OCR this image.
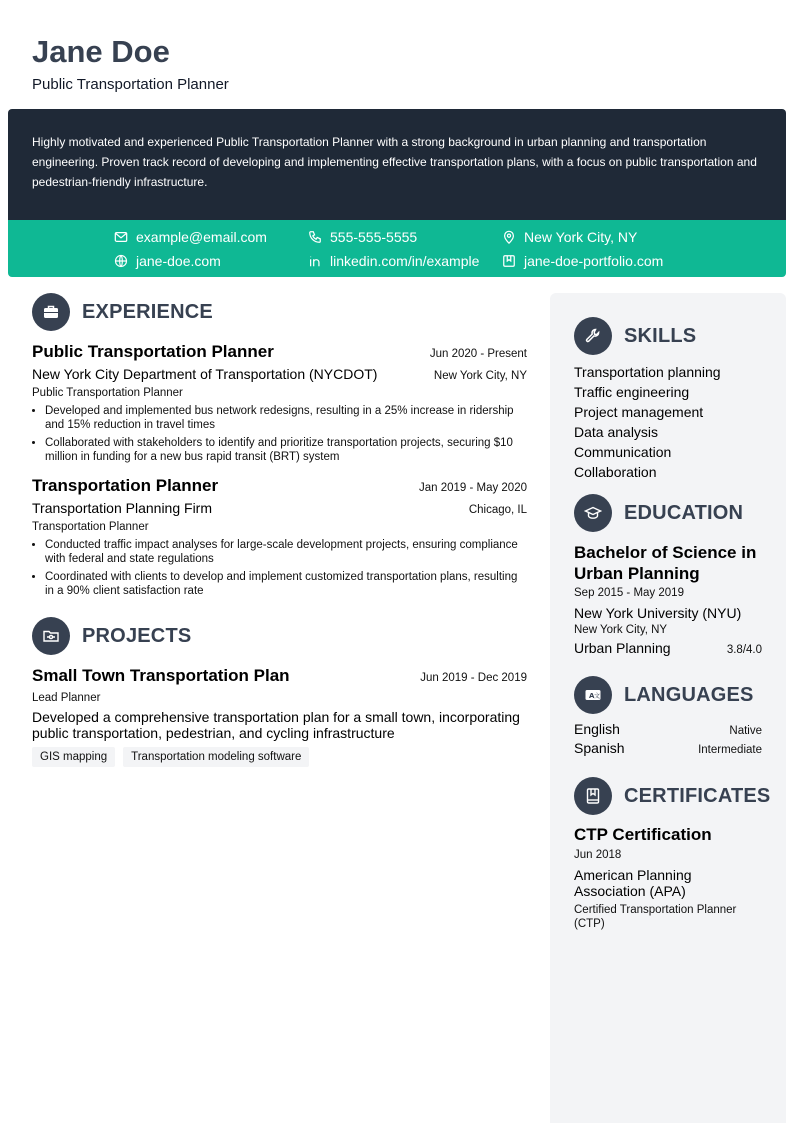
Jane Doe
Public Transportation Planner

Highly motivated and experienced Public Transportation Planner with a strong background in urban planning and transportation engineering. Proven track record of developing and implementing effective transportation plans, with a focus on public transportation and pedestrian-friendly infrastructure.

example@email.com	555-555-5555	New York City, NY
jane-doe.com	linkedin.com/in/example	jane-doe-portfolio.com
EXPERIENCE
Public Transportation Planner	Jun 2020 - Present
New York City Department of Transportation (NYCDOT)	New York City, NY
Public Transportation Planner
• Developed and implemented bus network redesigns, resulting in a 25% increase in ridership and 15% reduction in travel times
• Collaborated with stakeholders to identify and prioritize transportation projects, securing $10 million in funding for a new bus rapid transit (BRT) system
Transportation Planner	Jan 2019 - May 2020
Transportation Planning Firm	Chicago, IL
Transportation Planner
• Conducted traffic impact analyses for large-scale development projects, ensuring compliance with federal and state regulations
• Coordinated with clients to develop and implement customized transportation plans, resulting in a 90% client satisfaction rate
PROJECTS
Small Town Transportation Plan	Jun 2019 - Dec 2019
Lead Planner
Developed a comprehensive transportation plan for a small town, incorporating public transportation, pedestrian, and cycling infrastructure
GIS mapping	Transportation modeling software
SKILLS
Transportation planning
Traffic engineering
Project management
Data analysis
Communication
Collaboration
EDUCATION
Bachelor of Science in Urban Planning
Sep 2015 - May 2019
New York University (NYU)
New York City, NY
Urban Planning	3.8/4.0
A 文 LANGUAGES
English	Native
Spanish	Intermediate
CERTIFICATES
CTP Certification
Jun 2018
American Planning Association (APA)
Certified Transportation Planner (CTP)
